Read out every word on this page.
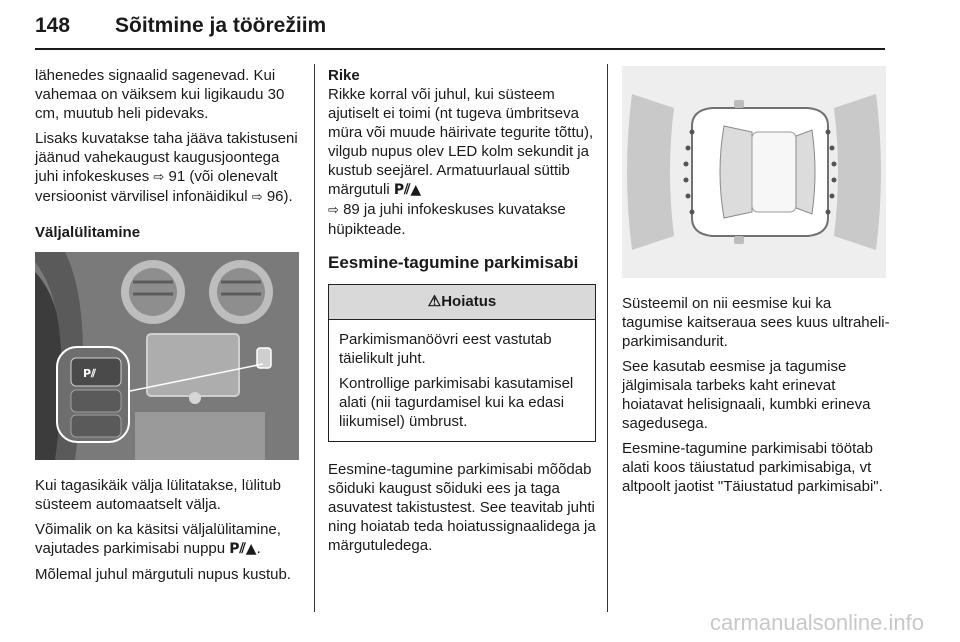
148 Sõitmine ja töörežiim

lähenedes signaalid sagenevad. Kui vahemaa on väiksem kui ligikaudu 30 cm, muutub heli pidevaks.

Lisaks kuvatakse taha jääva takistuseni jäänud vahekaugust kaugusjoontega juhi infokeskuses ⇨ 91 (või olenevalt versioonist värvilisel infonäidikul ⇨ 96).

Väljalülitamine

P⫽

Kui tagasikäik välja lülitatakse, lülitub süsteem automaatselt välja.

Võimalik on ka käsitsi väljalülitamine, vajutades parkimisabi nuppu P⫽▲.

Mõlemal juhul märgutuli nupus kustub.

Rike

Rikke korral või juhul, kui süsteem ajutiselt ei toimi (nt tugeva ümbritseva müra või muude häirivate tegurite tõttu), vilgub nupus olev LED kolm sekundit ja kustub seejärel. Armatuurlaual süttib märgutuli P⫽▲
⇨ 89 ja juhi infokeskuses kuvatakse hüpikteade.

Eesmine-tagumine parkimisabi

⚠Hoiatus

Parkimismanöövri eest vastutab täielikult juht.

Kontrollige parkimisabi kasutamisel alati (nii tagurdamisel kui ka edasi liikumisel) ümbrust.

Eesmine-tagumine parkimisabi mõõdab sõiduki kaugust sõiduki ees ja taga asuvatest takistustest. See teavitab juhti ning hoiatab teda hoiatussignaalidega ja märgutuledega.

Süsteemil on nii eesmise kui ka tagumise kaitseraua sees kuus ultraheli-parkimisandurit.

See kasutab eesmise ja tagumise jälgimisala tarbeks kaht erinevat hoiatavat helisignaali, kumbki erineva sagedusega.

Eesmine-tagumine parkimisabi töötab alati koos täiustatud parkimisabiga, vt altpoolt jaotist "Täiustatud parkimisabi".

carmanualsonline.info
